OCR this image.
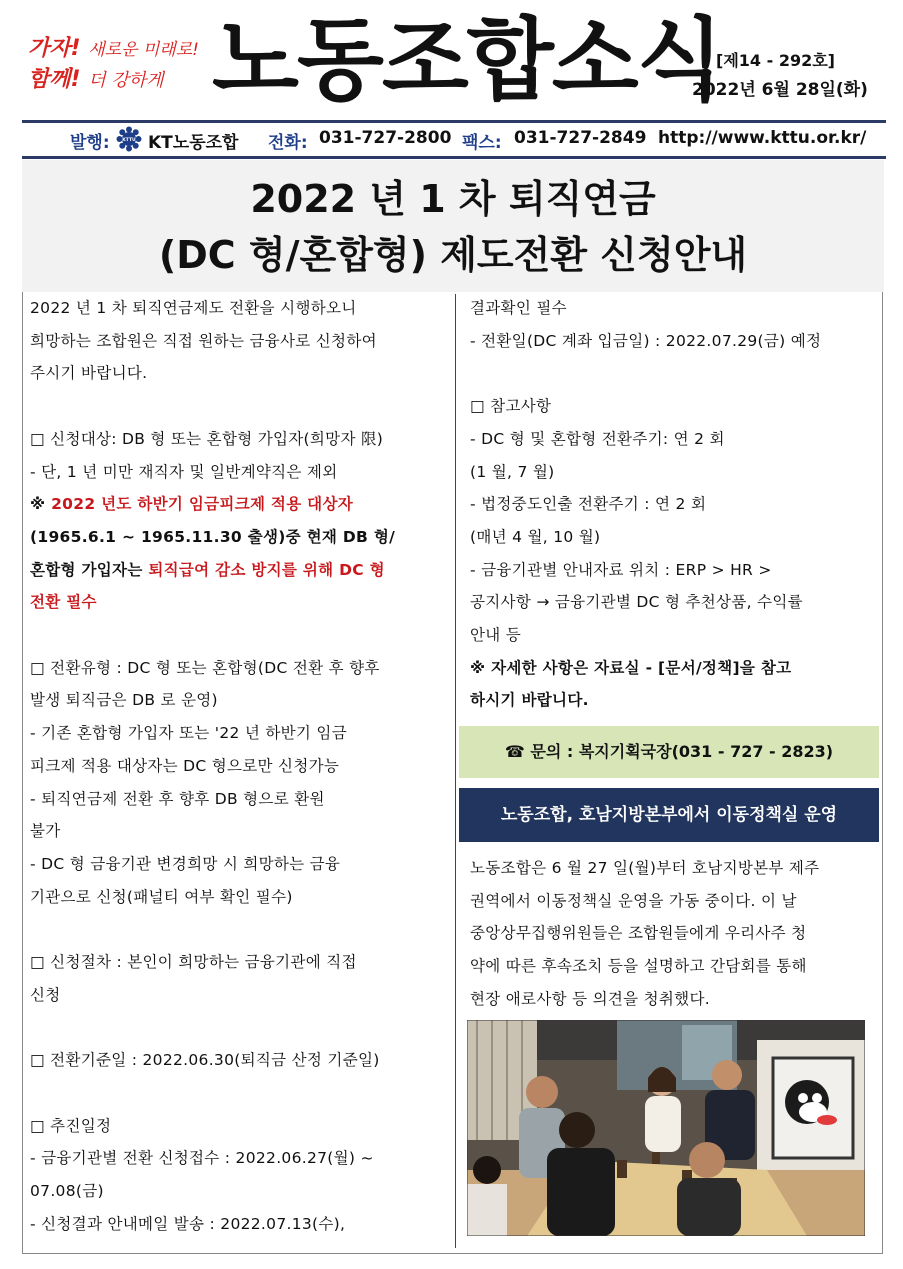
가자! 새로운 미래로!
함께! 더 강하게 노동조합소식
[제14 - 292호]
2022년 6월 28일(화)
발행:	KTTU KT노동조합 전화: 031-727-2800 팩스: 031-727-2849 http://www.kttu.or.kr/
2022 년 1 차 퇴직연금
(DC 형/혼합형) 제도전환 신청안내
2022 년 1 차 퇴직연금제도 전환을 시행하오니
희망하는 조합원은 직접 원하는 금융사로 신청하여
주시기 바랍니다.

□ 신청대상: DB 형 또는 혼합형 가입자(희망자 限)
- 단, 1 년 미만 재직자 및 일반계약직은 제외
※ 2022 년도 하반기 임금피크제 적용 대상자
(1965.6.1 ~ 1965.11.30 출생)중 현재 DB 형/
혼합형 가입자는 퇴직급여 감소 방지를 위해 DC 형
전환 필수

□ 전환유형 : DC 형 또는 혼합형(DC 전환 후 향후
발생 퇴직금은 DB 로 운영)
- 기존 혼합형 가입자 또는 '22 년 하반기 임금
피크제 적용 대상자는 DC 형으로만 신청가능
- 퇴직연금제 전환 후 향후 DB 형으로 환원
불가
- DC 형 금융기관 변경희망 시 희망하는 금융
기관으로 신청(패널티 여부 확인 필수)

□ 신청절차 : 본인이 희망하는 금융기관에 직접
신청

□ 전환기준일 : 2022.06.30(퇴직금 산정 기준일)

□ 추진일정
- 금융기관별 전환 신청접수 : 2022.06.27(월) ~
07.08(금)
- 신청결과 안내메일 발송 : 2022.07.13(수),
결과확인 필수
- 전환일(DC 계좌 입금일) : 2022.07.29(금) 예정

□ 참고사항
- DC 형 및 혼합형 전환주기: 연 2 회
(1 월, 7 월)
- 법정중도인출 전환주기 : 연 2 회
(매년 4 월, 10 월)
- 금융기관별 안내자료 위치 : ERP > HR >
공지사항 → 금융기관별 DC 형 추천상품, 수익률
안내 등
※ 자세한 사항은 자료실 - [문서/정책]을 참고
하시기 바랍니다.
☎ 문의 : 복지기획국장(031 - 727 - 2823)
노동조합, 호남지방본부에서 이동정책실 운영
노동조합은 6 월 27 일(월)부터 호남지방본부 제주
권역에서 이동정책실 운영을 가동 중이다. 이 날
중앙상무집행위원들은 조합원들에게 우리사주 청
약에 따른 후속조치 등을 설명하고 간담회를 통해
현장 애로사항 등 의견을 청취했다.
